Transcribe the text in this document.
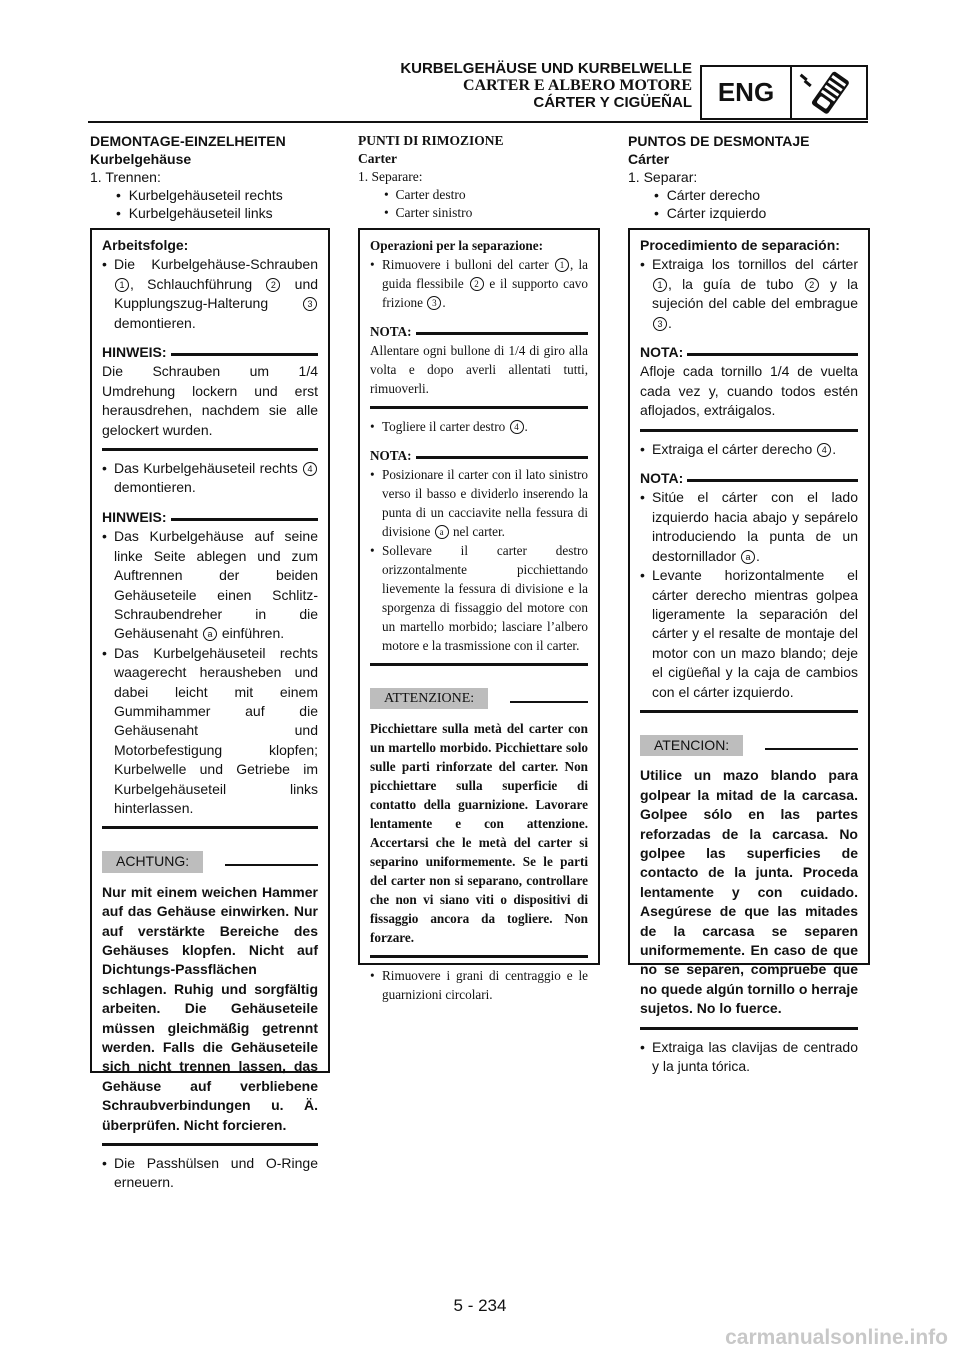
KURBELGEHÄUSE UND KURBELWELLE
CARTER E ALBERO MOTORE
CÁRTER Y CIGÜEÑAL ENG
DEMONTAGE-EINZELHEITEN
Kurbelgehäuse
1. Trennen:
•  Kurbelgehäuseteil rechts
•  Kurbelgehäuseteil links
PUNTI DI RIMOZIONE
Carter
1. Separare:
•  Carter destro
•  Carter sinistro
PUNTOS DE DESMONTAJE
Cárter
1. Separar:
•  Cárter derecho
•  Cárter izquierdo

Arbeitsfolge:

• Die Kurbelgehäuse-Schrauben 1 , Schlauchführung 2 und Kupplungszug-Halterung	3 demontieren.
HINWEIS:

Die Schrauben um 1/4 Umdrehung lockern und erst herausdrehen, nachdem sie alle gelockert wurden.

• Das Kurbelgehäuseteil rechts 4 demontieren.
HINWEIS:
• Das Kurbelgehäuse auf seine linke Seite ablegen und zum Auftrennen der beiden Gehäuseteile einen Schlitz-Schraubendreher in die Gehäusenaht a einführen.
• Das Kurbelgehäuseteil rechts waagerecht herausheben und dabei leicht mit einem Gummihammer auf die Gehäusenaht und Motorbefestigung klopfen; Kurbelwelle und Getriebe im Kurbelgehäuseteil links hinterlassen.
ACHTUNG:

Nur mit einem weichen Hammer auf das Gehäuse einwirken. Nur auf verstärkte Bereiche des Gehäuses klopfen. Nicht auf Dichtungs-Passflächen schlagen. Ruhig und sorgfältig arbeiten. Die Gehäuseteile müssen gleichmäßig getrennt werden. Falls die Gehäuseteile sich nicht trennen lassen, das Gehäuse auf verbliebene Schraubverbindungen u. Ä. überprüfen. Nicht forcieren.

• Die Passhülsen und O-Ringe erneuern.

Operazioni per la separazione:

• Rimuovere i bulloni del carter 1 , la guida flessibile 2 e il supporto cavo frizione 3 .
NOTA:

Allentare ogni bullone di 1/4 di giro alla volta e dopo averli allentati tutti, rimuoverli.

• Togliere il carter destro 4 .
NOTA:
• Posizionare il carter con il lato sinistro verso il basso e dividerlo inserendo la punta di un cacciavite nella fessura di divisione a nel carter.
• Sollevare il carter destro orizzontalmente picchiettando lievemente la fessura di divisione e la sporgenza di fissaggio del motore con un martello morbido; lasciare l’albero motore e la trasmissione con il carter.
ATTENZIONE:

Picchiettare sulla metà del carter con un martello morbido. Picchiettare solo sulle parti rinforzate del carter. Non picchiettare sulla superficie di contatto della guarnizione. Lavorare lentamente e con attenzione. Accertarsi che le metà del carter si separino uniformemente. Se le parti del carter non si separano, controllare che non vi siano viti o dispositivi di fissaggio ancora da togliere. Non forzare.

• Rimuovere i grani di centraggio e le guarnizioni circolari.

Procedimiento de separación:

• Extraiga los tornillos del cárter 1 , la guía de tubo 2 y la sujeción del cable del embrague 3 .
NOTA:

Afloje cada tornillo 1/4 de vuelta cada vez y, cuando todos estén aflojados, extráigalos.

• Extraiga el cárter derecho 4 .
NOTA:
• Sitúe el cárter con el lado izquierdo hacia abajo y sepárelo introduciendo la punta de un destornillador a .
• Levante horizontalmente el cárter derecho mientras golpea ligeramente la separación del cárter y el resalte de montaje del motor con un mazo blando; deje el cigüeñal y la caja de cambios con el cárter izquierdo.
ATENCION:

Utilice un mazo blando para golpear la mitad de la carcasa. Golpee sólo en las partes reforzadas de la carcasa. No golpee las superficies de contacto de la junta. Proceda lentamente y con cuidado. Asegúrese de que las mitades de la carcasa se separen uniformemente. En caso de que no se separen, compruebe que no quede algún tornillo o herraje sujetos. No lo fuerce.

• Extraiga las clavijas de centrado y la junta tórica.
5 - 234
carmanualsonline.info
